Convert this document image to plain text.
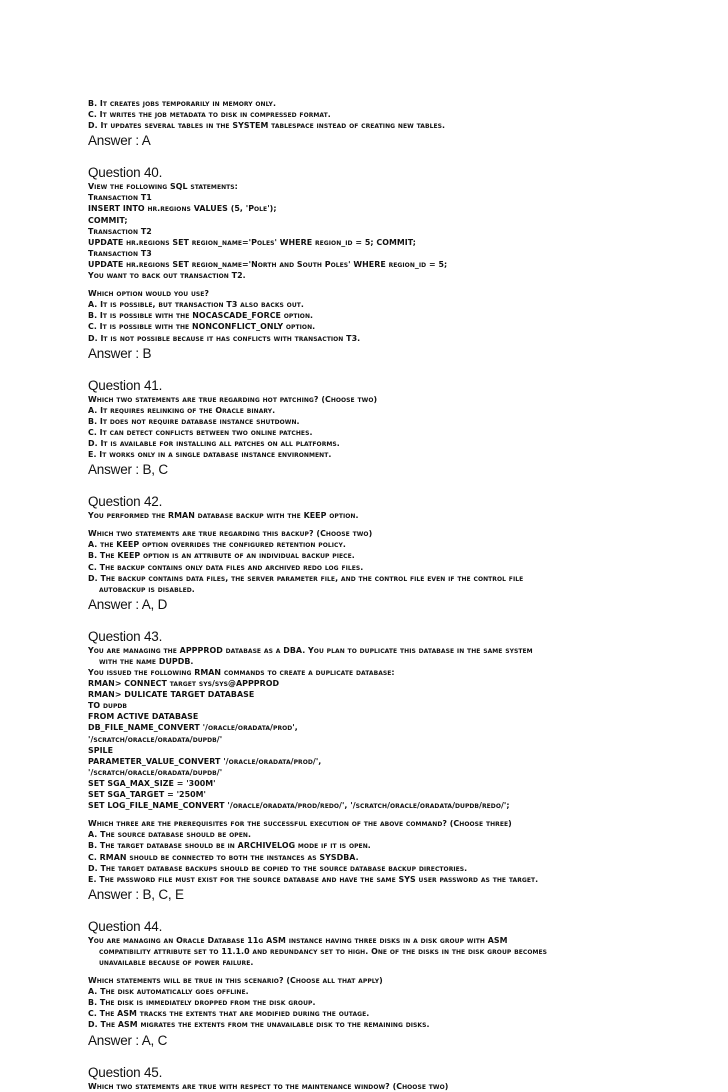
B. It creates jobs temporarily in memory only.
C. It writes the job metadata to disk in compressed format.
D. It updates several tables in the SYSTEM tablespace instead of creating new tables.
Answer : A
Question 40.
View the following SQL statements:
Transaction T1
INSERT INTO hr.regions VALUES (5, 'Pole');
COMMIT;
Transaction T2
UPDATE hr.regions SET region_name='Poles' WHERE region_id = 5; COMMIT;
Transaction T3
UPDATE hr.regions SET region_name='North and South Poles' WHERE region_id = 5;
You want to back out transaction T2.
Which option would you use?
A. It is possible, but transaction T3 also backs out.
B. It is possible with the NOCASCADE_FORCE option.
C. It is possible with the NONCONFLICT_ONLY option.
D. It is not possible because it has conflicts with transaction T3.
Answer : B
Question 41.
Which two statements are true regarding hot patching? (Choose two)
A. It requires relinking of the Oracle binary.
B. It does not require database instance shutdown.
C. It can detect conflicts between two online patches.
D. It is available for installing all patches on all platforms.
E. It works only in a single database instance environment.
Answer : B, C
Question 42.
You performed the RMAN database backup with the KEEP option.
Which two statements are true regarding this backup? (Choose two)
A. the KEEP option overrides the configured retention policy.
B. The KEEP option is an attribute of an individual backup piece.
C. The backup contains only data files and archived redo log files.
D. The backup contains data files, the server parameter file, and the control file even if the control file
autobackup is disabled.
Answer : A, D
Question 43.
You are managing the APPPROD database as a DBA. You plan to duplicate this database in the same system
with the name DUPDB.
You issued the following RMAN commands to create a duplicate database:
RMAN> CONNECT target sys/sys@APPPROD
RMAN> DULICATE TARGET DATABASE
TO dupdb
FROM ACTIVE DATABASE
DB_FILE_NAME_CONVERT '/oracle/oradata/prod',
'/scratch/oracle/oradata/dupdb/'
SPILE
PARAMETER_VALUE_CONVERT '/oracle/oradata/prod/',
'/scratch/oracle/oradata/dupdb/'
SET SGA_MAX_SIZE = '300M'
SET SGA_TARGET = '250M'
SET LOG_FILE_NAME_CONVERT '/oracle/oradata/prod/redo/', '/scratch/oracle/oradata/dupdb/redo/';
Which three are the prerequisites for the successful execution of the above command? (Choose three)
A. The source database should be open.
B. The target database should be in ARCHIVELOG mode if it is open.
C. RMAN should be connected to both the instances as SYSDBA.
D. The target database backups should be copied to the source database backup directories.
E. The password file must exist for the source database and have the same SYS user password as the target.
Answer : B, C, E
Question 44.
You are managing an Oracle Database 11g ASM instance having three disks in a disk group with ASM
compatibility attribute set to 11.1.0 and redundancy set to high. One of the disks in the disk group becomes
unavailable because of power failure.
Which statements will be true in this scenario? (Choose all that apply)
A. The disk automatically goes offline.
B. The disk is immediately dropped from the disk group.
C. The ASM tracks the extents that are modified during the outage.
D. The ASM migrates the extents from the unavailable disk to the remaining disks.
Answer : A, C
Question 45.
Which two statements are true with respect to the maintenance window? (Choose two)
